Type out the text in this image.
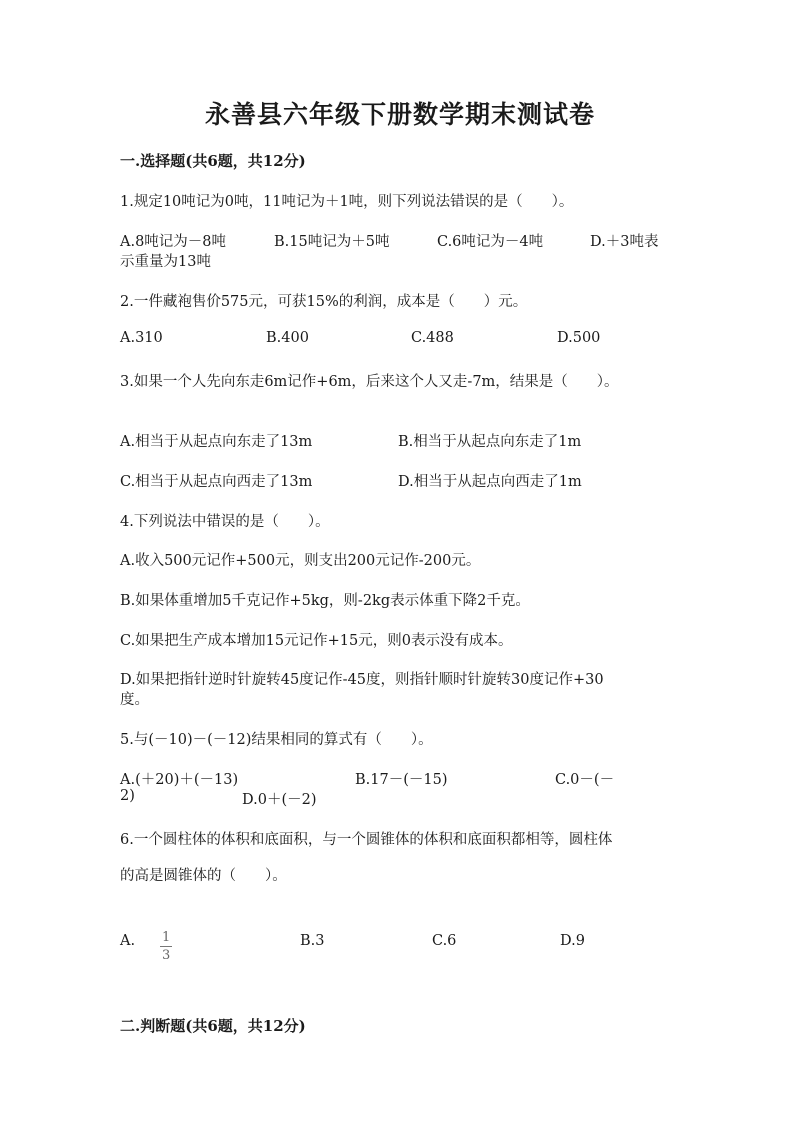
永善县六年级下册数学期末测试卷
一.选择题(共6题，共12分)
1.规定10吨记为0吨，11吨记为＋1吨，则下列说法错误的是（　　）。
A.8吨记为－8吨	B.15吨记为＋5吨	C.6吨记为－4吨	D.＋3吨表
示重量为13吨
2.一件藏袍售价575元，可获15%的利润，成本是（　　）元。
A.310	B.400	C.488	D.500
3.如果一个人先向东走6m记作+6m，后来这个人又走-7m，结果是（　　）。
A.相当于从起点向东走了13m	B.相当于从起点向东走了1m
C.相当于从起点向西走了13m	D.相当于从起点向西走了1m
4.下列说法中错误的是（　　）。
A.收入500元记作+500元，则支出200元记作-200元。
B.如果体重增加5千克记作+5kg，则-2kg表示体重下降2千克。
C.如果把生产成本增加15元记作+15元，则0表示没有成本。
D.如果把指针逆时针旋转45度记作-45度，则指针顺时针旋转30度记作+30
度。
5.与(－10)－(－12)结果相同的算式有（　　）。
A.(＋20)＋(－13)	B.17－(－15)	C.0－(－
2)	D.0＋(－2)
6.一个圆柱体的体积和底面积，与一个圆锥体的体积和底面积都相等，圆柱体
的高是圆锥体的（　　）。
A. $\frac{1}{3}$	B.3	C.6	D.9
二.判断题(共6题，共12分)
